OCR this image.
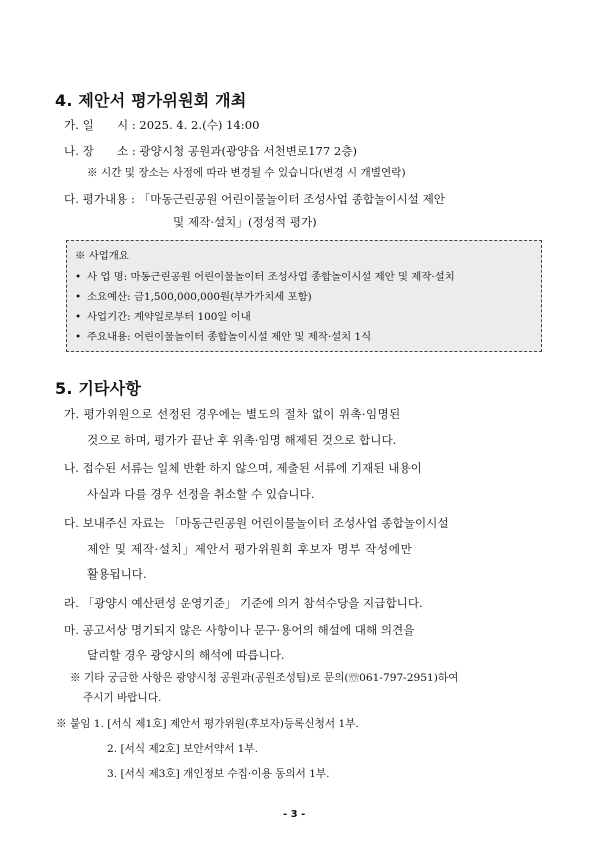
4. 제안서 평가위원회 개최
가. 일　　시 : 2025. 4. 2.(수) 14:00
나. 장　　소 : 광양시청 공원과(광양읍 서천변로177 2층)
※ 시간 및 장소는 사정에 따라 변경될 수 있습니다(변경 시 개별연락)
다. 평가내용 : 「마동근린공원 어린이물놀이터 조성사업 종합놀이시설 제안
및 제작·설치」(정성적 평가)
※ 사업개요
• 사 업 명: 마동근린공원 어린이물놀이터 조성사업 종합놀이시설 제안 및 제작·설치
• 소요예산: 금1,500,000,000원(부가가치세 포함)
• 사업기간: 계약일로부터 100일 이내
• 주요내용: 어린이물놀이터 종합놀이시설 제안 및 제작·설치 1식
5. 기타사항
가. 평가위원으로 선정된 경우에는 별도의 절차 없이 위촉·임명된
것으로 하며, 평가가 끝난 후 위촉·임명 해제된 것으로 합니다.
나. 접수된 서류는 일체 반환 하지 않으며, 제출된 서류에 기재된 내용이
사실과 다를 경우 선정을 취소할 수 있습니다.
다. 보내주신 자료는 「마동근린공원 어린이물놀이터 조성사업 종합놀이시설
제안 및 제작·설치」제안서 평가위원회 후보자 명부 작성에만
활용됩니다.
라. 「광양시 예산편성 운영기준」 기준에 의거 참석수당을 지급합니다.
마. 공고서상 명기되지 않은 사항이나 문구·용어의 해설에 대해 의견을
달리할 경우 광양시의 해석에 따릅니다.
※ 기타 궁금한 사항은 광양시청 공원과(공원조성팀)로 문의(☏061-797-2951)하여
주시기 바랍니다.
※ 붙임 1. [서식 제1호] 제안서 평가위원(후보자)등록신청서 1부.
2. [서식 제2호] 보안서약서 1부.
3. [서식 제3호] 개인정보 수집·이용 동의서 1부.
- 3 -
